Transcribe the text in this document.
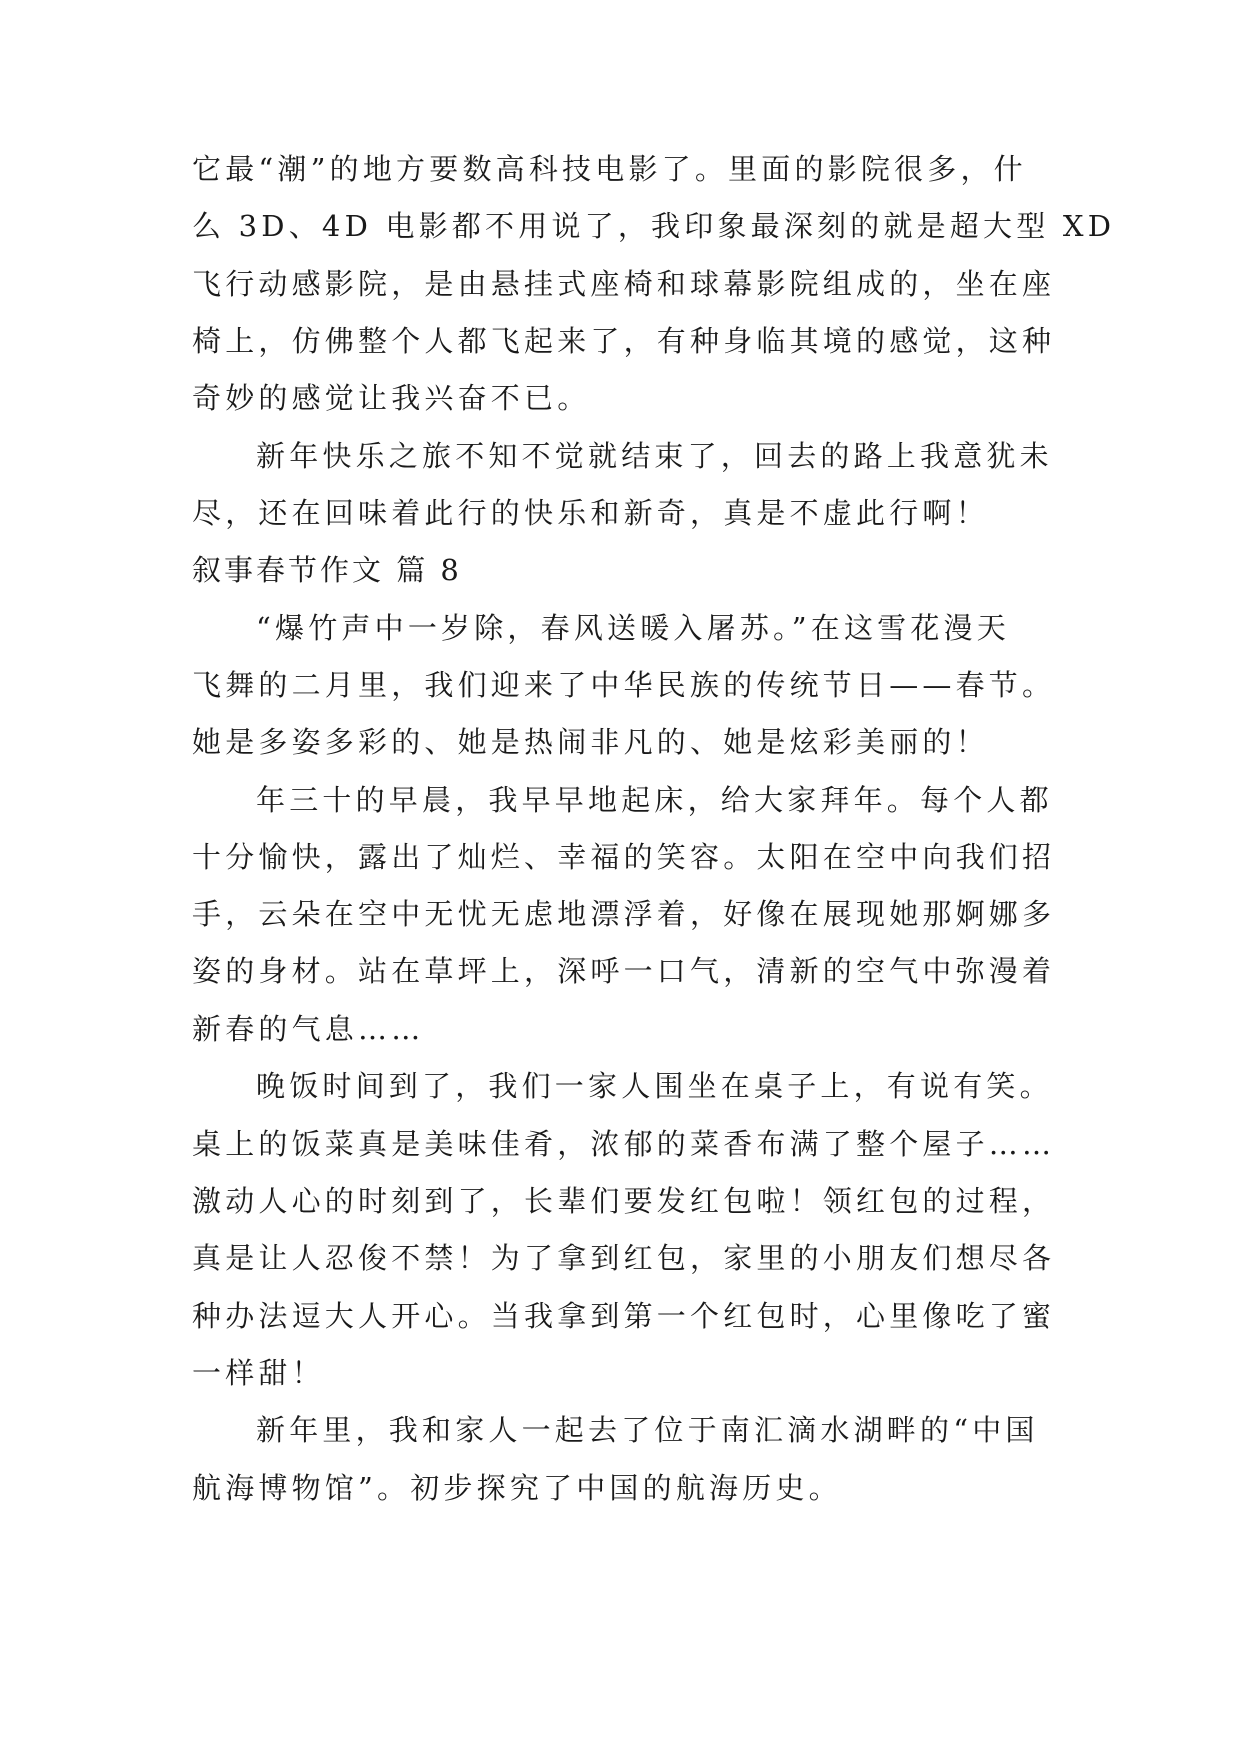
它最“潮”的地方要数高科技电影了。里面的影院很多，什
么 3D、4D 电影都不用说了，我印象最深刻的就是超大型 XD
飞行动感影院，是由悬挂式座椅和球幕影院组成的，坐在座
椅上，仿佛整个人都飞起来了，有种身临其境的感觉，这种
奇妙的感觉让我兴奋不已。
新年快乐之旅不知不觉就结束了，回去的路上我意犹未
尽，还在回味着此行的快乐和新奇，真是不虚此行啊！
叙事春节作文 篇 8
“爆竹声中一岁除，春风送暖入屠苏。”在这雪花漫天
飞舞的二月里，我们迎来了中华民族的传统节日——春节。
她是多姿多彩的、她是热闹非凡的、她是炫彩美丽的！
年三十的早晨，我早早地起床，给大家拜年。每个人都
十分愉快，露出了灿烂、幸福的笑容。太阳在空中向我们招
手，云朵在空中无忧无虑地漂浮着，好像在展现她那婀娜多
姿的身材。站在草坪上，深呼一口气，清新的空气中弥漫着
新春的气息……
晚饭时间到了，我们一家人围坐在桌子上，有说有笑。
桌上的饭菜真是美味佳肴，浓郁的菜香布满了整个屋子……
激动人心的时刻到了，长辈们要发红包啦！领红包的过程，
真是让人忍俊不禁！为了拿到红包，家里的小朋友们想尽各
种办法逗大人开心。当我拿到第一个红包时，心里像吃了蜜
一样甜！
新年里，我和家人一起去了位于南汇滴水湖畔的“中国
航海博物馆”。初步探究了中国的航海历史。
